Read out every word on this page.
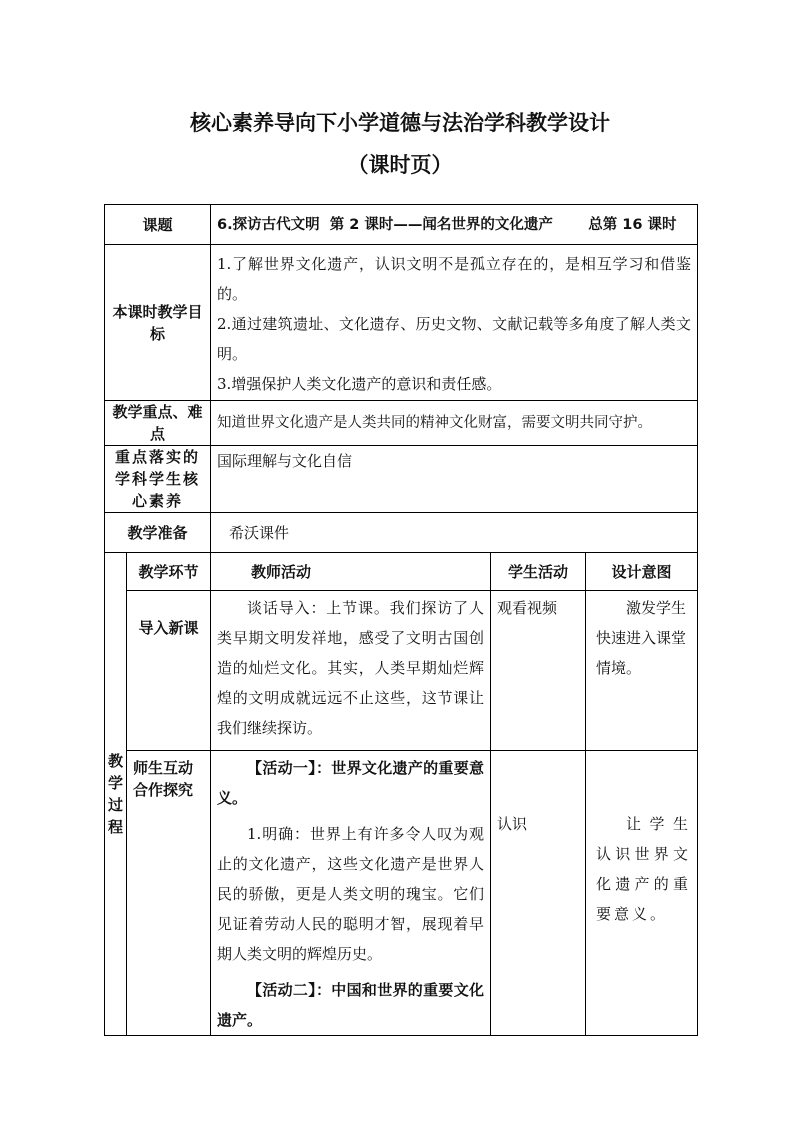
核心素养导向下小学道德与法治学科教学设计
（课时页）
课题		6.探访古代文明  第 2 课时——闻名世界的文化遗产       总第 16 课时		
本课时教学目标		1.了解世界文化遗产，认识文明不是孤立存在的，是相互学习和借鉴的。

2.通过建筑遗址、文化遗存、历史文物、文献记载等多角度了解人类文明。

3.增强保护人类文化遗产的意识和责任感。		

教学重点、难点		知道世界文化遗产是人类共同的精神文化财富，需要文明共同守护。		
重点落实的学科学生核心素养		国际理解与文化自信		
教学准备		希沃课件		

教学过程	教学环节	教师活动	学生活动	设计意图
	导入新课	谈话导入：上节课。我们探访了人类早期文明发祥地，感受了文明古国创造的灿烂文化。其实，人类早期灿烂辉煌的文明成就远远不止这些，这节课让我们继续探访。	观看视频	激发学生快速进入课堂情境。
	师生互动合作探究	【活动一】：世界文化遗产的重要意义。
1.明确：世界上有许多令人叹为观止的文化遗产，这些文化遗产是世界人民的骄傲，更是人类文明的瑰宝。它们见证着劳动人民的聪明才智，展现着早期人类文明的辉煌历史。
【活动二】：中国和世界的重要文化遗产。	认识	让学生认识世界文化遗产的重要意义。
